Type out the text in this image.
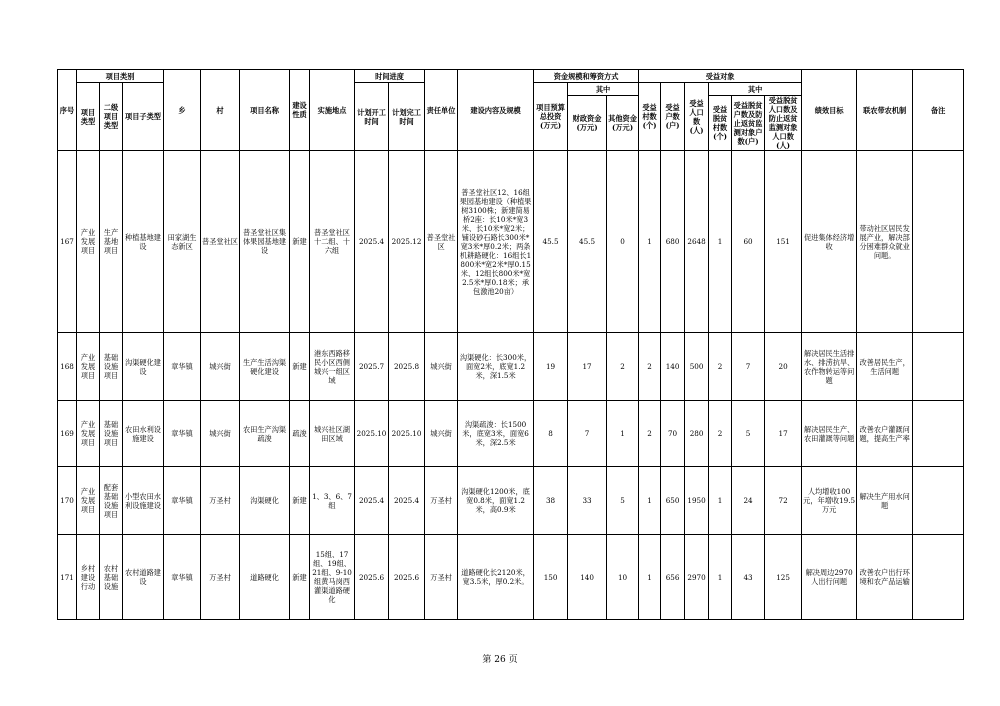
序号	项目类别			乡	村	项目名称	建设性质	实施地点	时间进度		责任单位	建设内容及规模	资金规模和筹资方式			受益对象						绩效目标	联农带农机制	备注
	项目类型	二级项目类型	项目子类型						计划开工时间	计划完工时间			项目预算总投资(万元)	其中		受益村数(个)	受益户数(户)	受益人口数(人)	其中					
														财政资金(万元)	其他资金(万元)				受益脱贫村数(个)	受益脱贫户数及防止返贫监测对象户数(户)	受益脱贫人口数及防止返贫监测对象人口数(人)			
167	产业发展项目	生产基地项目	种植基地建设	田家湖生态新区	普圣堂社区	普圣堂社区集体果园基地建设	新建	普圣堂社区十二组、十六组	2025.4	2025.12	普圣堂社区	普圣堂社区12、16组果园基地建设（种植果树3100株；新建简易桥2座：长10米*宽3米、长10米*宽2米；铺设砂石路长300米*宽3米*厚0.2米；两条机耕路硬化：16组长1800米*宽2米*厚0.15米、12组长800米*宽2.5米*厚0.18米；承包激池20亩）	45.5	45.5	0	1	680	2648	1	60	151	促进集体经济增收	带动社区居民发展产业，解决部分困难群众就业问题。	
168	产业发展项目	基础设施项目	沟渠硬化建设	章华镇	城兴街	生产生活沟渠硬化建设	新建	港东西路移民小区西侧城兴一组区域	2025.7	2025.8	城兴街	沟渠硬化：长300米，面宽2米，底宽1.2米，深1.5米	19	17	2	2	140	500	2	7	20	解决居民生活排水、排涝抗旱、农作物转运等问题	改善居民生产，生活问题	
169	产业发展项目	基础设施项目	农田水利设施建设	章华镇	城兴街	农田生产沟渠疏浚	疏浚	城兴社区湖田区域	2025.10	2025.10	城兴街	沟渠疏浚：长1500米，底宽3米，面宽6米，深2.5米	8	7	1	2	70	280	2	5	17	解决居民生产、农田灌溉等问题	改善农户灌溉问题，提高生产率	
170	产业发展项目	配套基础设施项目	小型农田水利设施建设	章华镇	万圣村	沟渠硬化	新建	1、3、6、7组	2025.4	2025.4	万圣村	沟渠硬化1200米，底宽0.8米，面宽1.2米，高0.9米	38	33	5	1	650	1950	1	24	72	人均增收100元，年增收19.5万元	解决生产用水问题	
171	乡村建设行动	农村基础设施	农村道路建设	章华镇	万圣村	道路硬化	新建	15组、17组、19组、21组、9-10组黄马岗西灌渠道路硬化	2025.6	2025.6	万圣村	道路硬化长2120米，宽3.5米，厚0.2米。	150	140	10	1	656	2970	1	43	125	解决周边2970人出行问题	改善农户出行环境和农产品运输	
第 26 页
